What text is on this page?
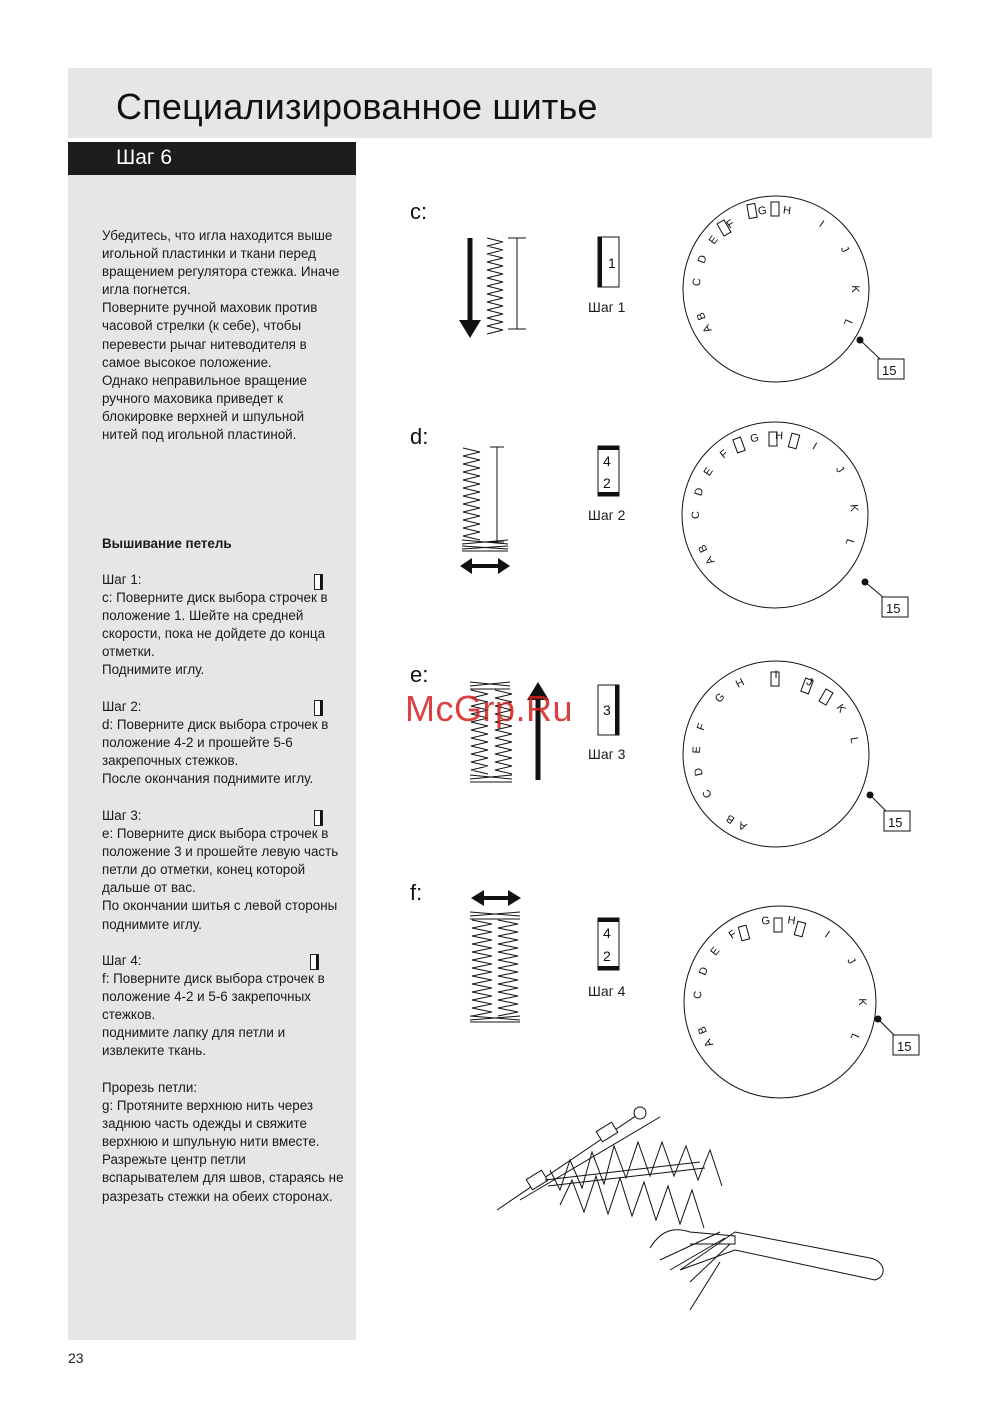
Специализированное шитье
Шаг 6

Убедитесь, что игла находится выше

игольной пластинки и ткани перед

вращением регулятора стежка. Иначе

игла погнется.

Поверните ручной маховик против

часовой стрелки (к себе), чтобы

перевести рычаг нитеводителя в

самое высокое положение.

Однако неправильное вращение

ручного маховика приведет к

блокировке верхней и шпульной

нитей под игольной пластиной.

Вышивание петель

Шаг 1:

c: Поверните диск выбора строчек в

положение 1. Шейте на средней

скорости, пока не дойдете до конца

отметки.

Поднимите иглу.

Шаг 2:

d: Поверните диск выбора строчек в

положение 4-2 и прошейте 5-6

закрепочных стежков.

После окончания поднимите иглу.

Шаг 3:

e: Поверните диск выбора строчек в

положение 3 и прошейте левую часть

петли до отметки, конец которой

дальше от вас.

По окончании шитья с левой стороны

поднимите иглу.

Шаг 4:

f: Поверните диск выбора строчек в

положение 4-2 и 5-6 закрепочных

стежков.

поднимите лапку для петли и

извлеките ткань.

Прорезь петли:

g: Протяните верхнюю нить через

заднюю часть одежды и свяжите

верхнюю и шпульную нити вместе.

Разрежьте центр петли

вспарывателем для швов, стараясь не

разрезать стежки на обеих сторонах.

c:
d:
e:
f:
Шаг 1
Шаг 2
Шаг 3
Шаг 4
1
4
2
3
4
2
15
15
15
15
A
B
C
D
E
F
G H
I
J
K
L
A
B
C
D
E
F
G H
I
J
K
L
A
B
C
D
E
F
G
H
I
J
K
L
A
B
C
D
E
F
G H
I
J
K
L
McGrp.Ru
23
